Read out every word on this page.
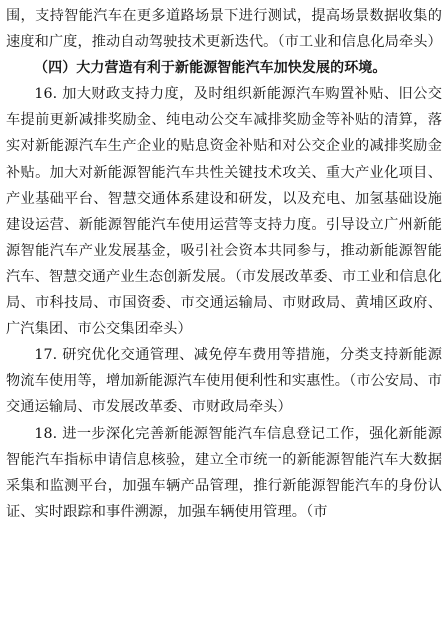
围，支持智能汽车在更多道路场景下进行测试，提高场景数据收集的速度和广度，推动自动驾驶技术更新迭代。（市工业和信息化局牵头）

（四）大力营造有利于新能源智能汽车加快发展的环境。

16. 加大财政支持力度，及时组织新能源汽车购置补贴、旧公交车提前更新减排奖励金、纯电动公交车减排奖励金等补贴的清算，落实对新能源汽车生产企业的贴息资金补贴和对公交企业的减排奖励金补贴。加大对新能源智能汽车共性关键技术攻关、重大产业化项目、产业基础平台、智慧交通体系建设和研发，以及充电、加氢基础设施建设运营、新能源智能汽车使用运营等支持力度。引导设立广州新能源智能汽车产业发展基金，吸引社会资本共同参与，推动新能源智能汽车、智慧交通产业生态创新发展。（市发展改革委、市工业和信息化局、市科技局、市国资委、市交通运输局、市财政局、黄埔区政府、广汽集团、市公交集团牵头）

17. 研究优化交通管理、减免停车费用等措施，分类支持新能源物流车使用等，增加新能源汽车使用便利性和实惠性。（市公安局、市交通运输局、市发展改革委、市财政局牵头）

18. 进一步深化完善新能源智能汽车信息登记工作，强化新能源智能汽车指标申请信息核验，建立全市统一的新能源智能汽车大数据采集和监测平台，加强车辆产品管理，推行新能源智能汽车的身份认证、实时跟踪和事件溯源，加强车辆使用管理。（市
